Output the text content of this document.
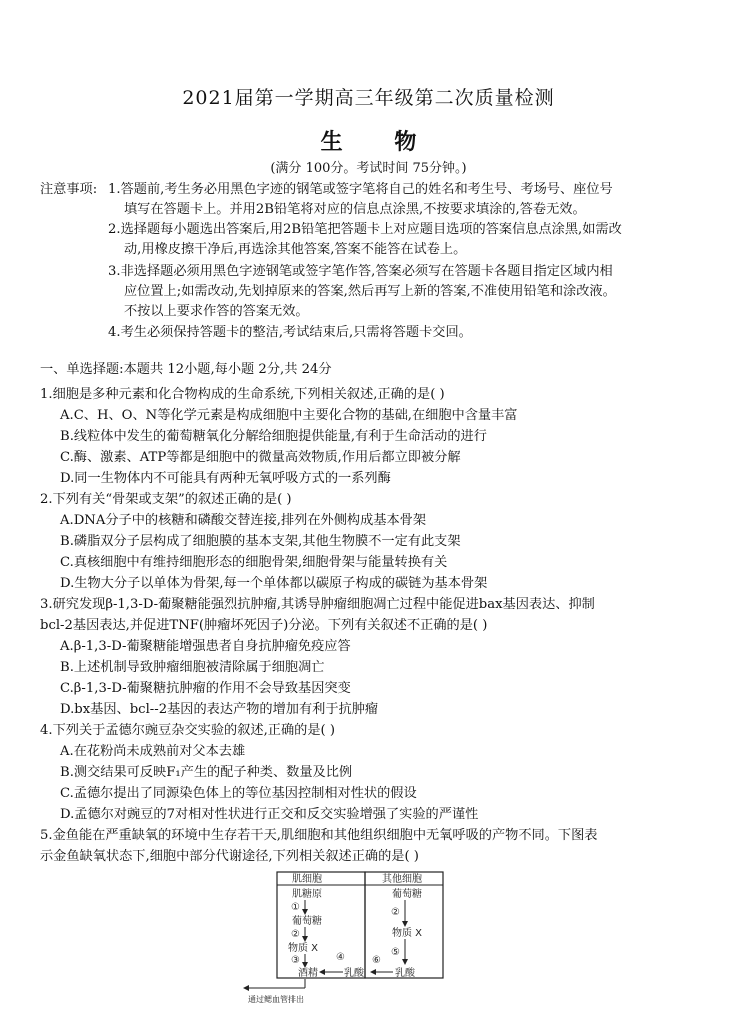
2021届第一学期高三年级第二次质量检测
生 物
(满分 100分。考试时间 75分钟。)
注意事项: 1.答题前,考生务必用黑色字迹的钢笔或签字笔将自己的姓名和考生号、考场号、座位号
填写在答题卡上。并用2B铅笔将对应的信息点涂黑,不按要求填涂的,答卷无效。
2.选择题每小题选出答案后,用2B铅笔把答题卡上对应题目选项的答案信息点涂黑,如需改
动,用橡皮擦干净后,再选涂其他答案,答案不能答在试卷上。
3.非选择题必须用黑色字迹钢笔或签字笔作答,答案必须写在答题卡各题目指定区域内相
应位置上;如需改动,先划掉原来的答案,然后再写上新的答案,不准使用铅笔和涂改液。
不按以上要求作答的答案无效。
4.考生必须保持答题卡的整洁,考试结束后,只需将答题卡交回。
一、单选择题:本题共 12小题,每小题 2分,共 24分
1.细胞是多种元素和化合物构成的生命系统,下列相关叙述,正确的是( )
A.C、H、O、N等化学元素是构成细胞中主要化合物的基础,在细胞中含量丰富
B.线粒体中发生的葡萄糖氧化分解给细胞提供能量,有利于生命活动的进行
C.酶、激素、ATP等都是细胞中的微量高效物质,作用后都立即被分解
D.同一生物体内不可能具有两种无氧呼吸方式的一系列酶
2.下列有关“骨架或支架”的叙述正确的是( )
A.DNA分子中的核糖和磷酸交替连接,排列在外侧构成基本骨架
B.磷脂双分子层构成了细胞膜的基本支架,其他生物膜不一定有此支架
C.真核细胞中有维持细胞形态的细胞骨架,细胞骨架与能量转换有关
D.生物大分子以单体为骨架,每一个单体都以碳原子构成的碳链为基本骨架
3.研究发现β-1,3-D-葡聚糖能强烈抗肿瘤,其诱导肿瘤细胞凋亡过程中能促进bax基因表达、抑制
bcl-2基因表达,并促进TNF(肿瘤坏死因子)分泌。下列有关叙述不正确的是( )
A.β-1,3-D-葡聚糖能增强患者自身抗肿瘤免疫应答
B.上述机制导致肿瘤细胞被清除属于细胞凋亡
C.β-1,3-D-葡聚糖抗肿瘤的作用不会导致基因突变
D.bx基因、bcl--2基因的表达产物的增加有利于抗肿瘤
4.下列关于孟德尔豌豆杂交实验的叙述,正确的是( )
A.在花粉尚未成熟前对父本去雄
B.测交结果可反映F₁产生的配子种类、数量及比例
C.孟德尔提出了同源染色体上的等位基因控制相对性状的假设
D.孟德尔对豌豆的7对相对性状进行正交和反交实验增强了实验的严谨性
5.金鱼能在严重缺氧的环境中生存若干天,肌细胞和其他组织细胞中无氧呼吸的产物不同。下图表
示金鱼缺氧状态下,细胞中部分代谢途径,下列相关叙述正确的是( )
肌细胞	其他细胞
肌糖原
①
葡萄糖
②
物质 X
③
酒精
④
乳酸
葡萄糖
②
物质 X
⑤
乳酸
⑥
通过鳃血管排出
